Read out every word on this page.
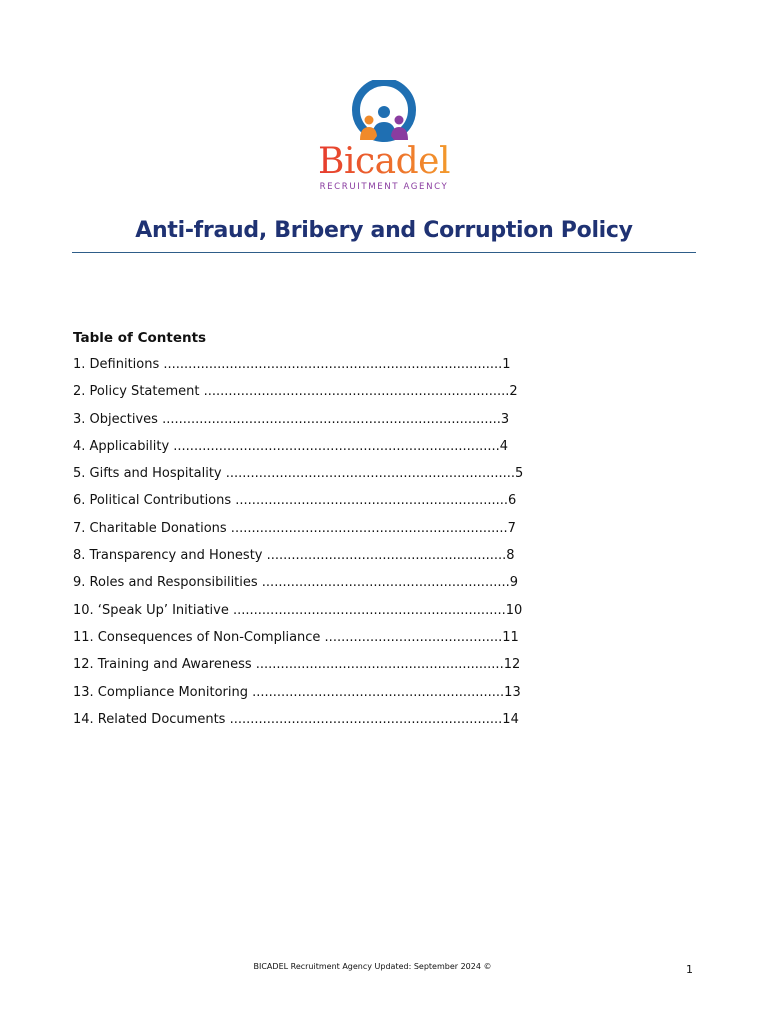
Bicadel
RECRUITMENT AGENCY
Anti-fraud, Bribery and Corruption Policy
Table of Contents
1. Definitions ..................................................................................1
2. Policy Statement ..........................................................................2
3. Objectives ..................................................................................3
4. Applicability ...............................................................................4
5. Gifts and Hospitality ......................................................................5
6. Political Contributions ..................................................................6
7. Charitable Donations ...................................................................7
8. Transparency and Honesty ..........................................................8
9. Roles and Responsibilities ............................................................9
10. ‘Speak Up’ Initiative ..................................................................10
11. Consequences of Non-Compliance ...........................................11
12. Training and Awareness ............................................................12
13. Compliance Monitoring .............................................................13
14. Related Documents ..................................................................14
BICADEL Recruitment Agency Updated: September 2024 ©	1
